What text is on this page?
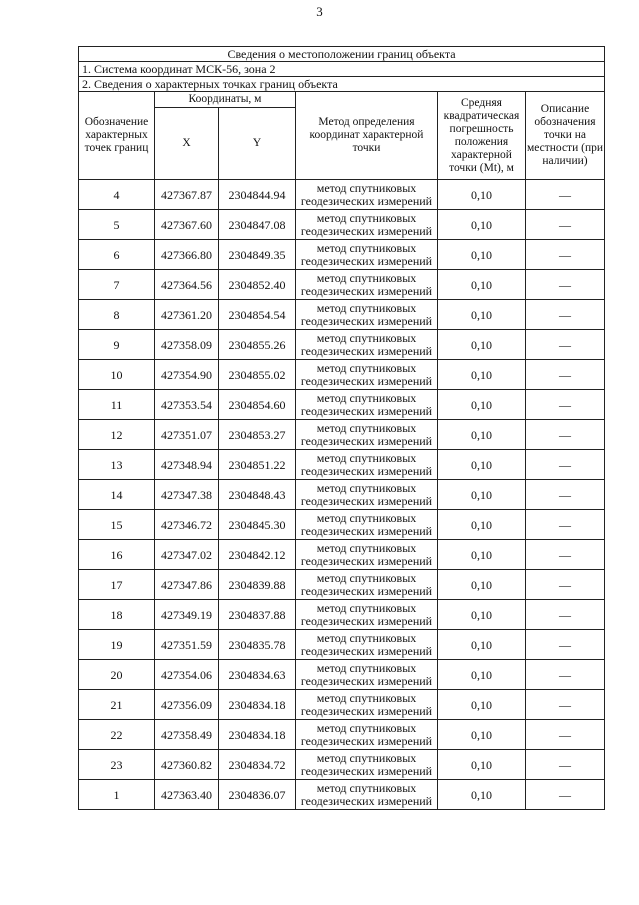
3
Сведения о местоположении границ объекта					
1. Система координат МСК-56, зона 2					
2. Сведения о характерных точках границ объекта					
Обозначение характерных точек границ	Координаты, м		Метод определения координат характерной точки	Средняя квадратическая погрешность положения характерной точки (Mt), м	Описание обозначения точки на местности (при наличии)
	X	Y			
4	427367.87	2304844.94	метод спутниковых геодезических измерений	0,10	—
5	427367.60	2304847.08	метод спутниковых геодезических измерений	0,10	—
6	427366.80	2304849.35	метод спутниковых геодезических измерений	0,10	—
7	427364.56	2304852.40	метод спутниковых геодезических измерений	0,10	—
8	427361.20	2304854.54	метод спутниковых геодезических измерений	0,10	—
9	427358.09	2304855.26	метод спутниковых геодезических измерений	0,10	—
10	427354.90	2304855.02	метод спутниковых геодезических измерений	0,10	—
11	427353.54	2304854.60	метод спутниковых геодезических измерений	0,10	—
12	427351.07	2304853.27	метод спутниковых геодезических измерений	0,10	—
13	427348.94	2304851.22	метод спутниковых геодезических измерений	0,10	—
14	427347.38	2304848.43	метод спутниковых геодезических измерений	0,10	—
15	427346.72	2304845.30	метод спутниковых геодезических измерений	0,10	—
16	427347.02	2304842.12	метод спутниковых геодезических измерений	0,10	—
17	427347.86	2304839.88	метод спутниковых геодезических измерений	0,10	—
18	427349.19	2304837.88	метод спутниковых геодезических измерений	0,10	—
19	427351.59	2304835.78	метод спутниковых геодезических измерений	0,10	—
20	427354.06	2304834.63	метод спутниковых геодезических измерений	0,10	—
21	427356.09	2304834.18	метод спутниковых геодезических измерений	0,10	—
22	427358.49	2304834.18	метод спутниковых геодезических измерений	0,10	—
23	427360.82	2304834.72	метод спутниковых геодезических измерений	0,10	—
1	427363.40	2304836.07	метод спутниковых геодезических измерений	0,10	—
